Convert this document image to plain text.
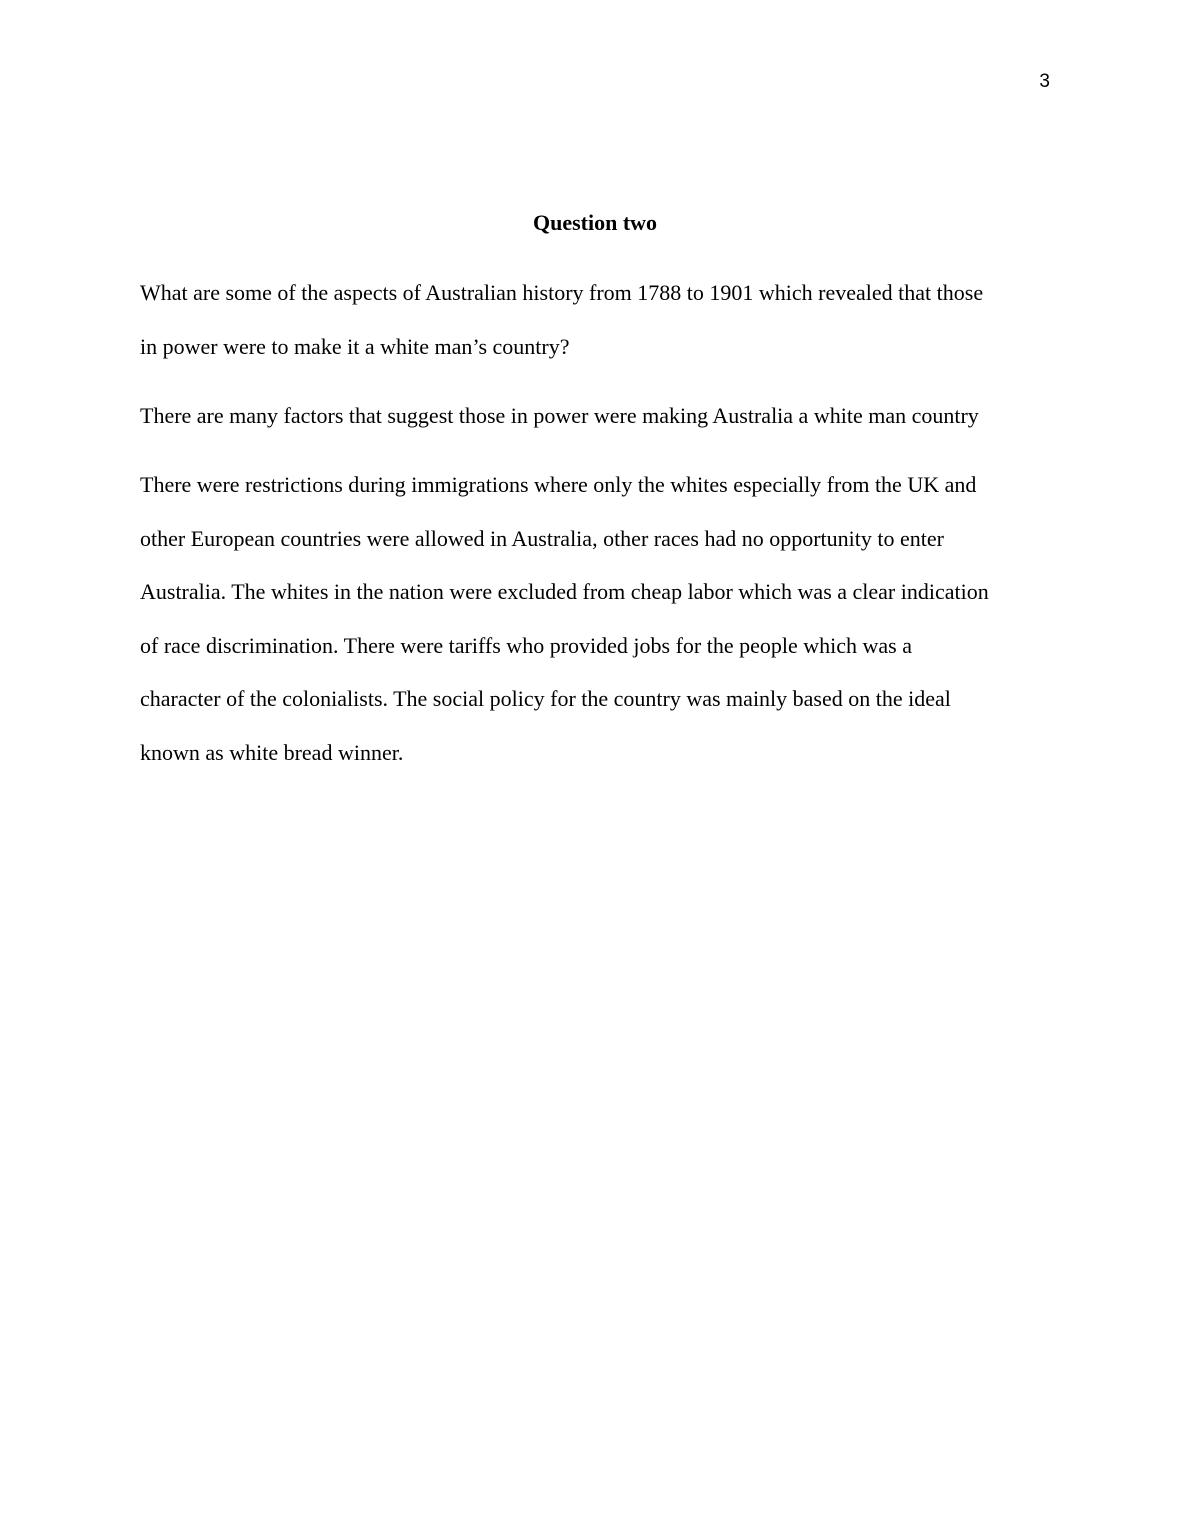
3
Question two

What are some of the aspects of Australian history from 1788 to 1901 which revealed that those
in power were to make it a white man’s country?

There are many factors that suggest those in power were making Australia a white man country

There were restrictions during immigrations where only the whites especially from the UK and
other European countries were allowed in Australia, other races had no opportunity to enter
Australia. The whites in the nation were excluded from cheap labor which was a clear indication
of race discrimination. There were tariffs who provided jobs for the people which was a
character of the colonialists. The social policy for the country was mainly based on the ideal
known as white bread winner.
